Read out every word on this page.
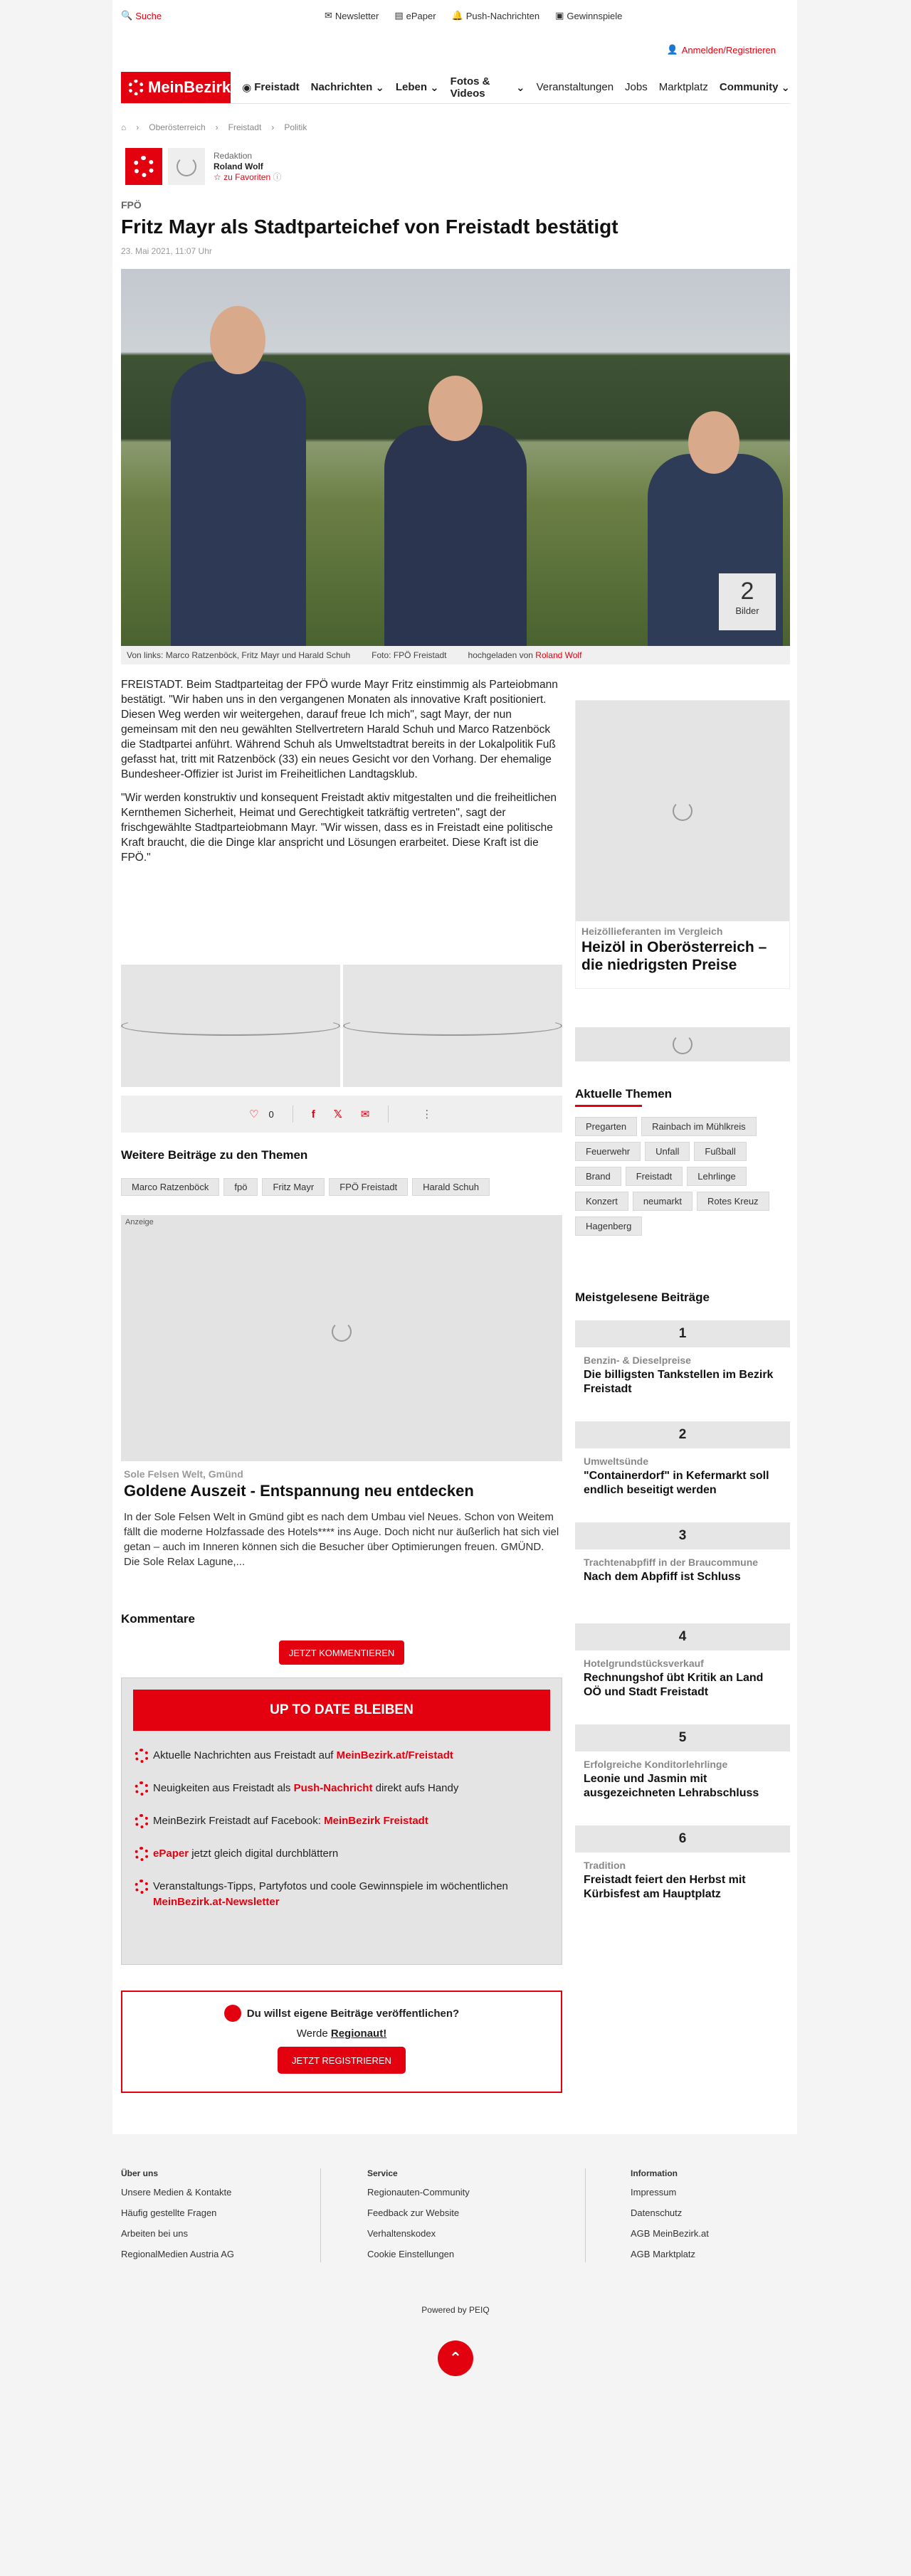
🔍 Suche	✉ Newsletter ▤ ePaper 🔔 Push-Nachrichten ▣ Gewinnspiele
👤 Anmelden/Registrieren
MeinBezirk ◉ Freistadt Nachrichten ⌄ Leben ⌄
Fotos & Videos	⌄ Veranstaltungen Jobs Marktplatz Community ⌄
⌂ › Oberösterreich › Freistadt › Politik
Redaktion
Roland Wolf
☆ zu Favoriten ⓘ
FPÖ
Fritz Mayr als Stadtparteichef von Freistadt bestätigt
23. Mai 2021, 11:07 Uhr
2
Bilder
Von links: Marco Ratzenböck, Fritz Mayr und Harald Schuh	Foto: FPÖ Freistadt	hochgeladen von Roland Wolf

FREISTADT. Beim Stadtparteitag der FPÖ wurde Mayr Fritz einstimmig als Parteiobmann bestätigt. "Wir haben uns in den vergangenen Monaten als innovative Kraft positioniert. Diesen Weg werden wir weitergehen, darauf freue Ich mich", sagt Mayr, der nun gemeinsam mit den neu gewählten Stellvertretern Harald Schuh und Marco Ratzenböck die Stadtpartei anführt. Während Schuh als Umweltstadtrat bereits in der Lokalpolitik Fuß gefasst hat, tritt mit Ratzenböck (33) ein neues Gesicht vor den Vorhang. Der ehemalige Bundesheer-Offizier ist Jurist im Freiheitlichen Landtagsklub.

"Wir werden konstruktiv und konsequent Freistadt aktiv mitgestalten und die freiheitlichen Kernthemen Sicherheit, Heimat und Gerechtigkeit tatkräftig vertreten", sagt der frischgewählte Stadtparteiobmann Mayr. "Wir wissen, dass es in Freistadt eine politische Kraft braucht, die die Dinge klar anspricht und Lösungen erarbeitet. Diese Kraft ist die FPÖ."

♡ 0	f 𝕏 ✉	⋮
Weitere Beiträge zu den Themen
Marco Ratzenböck	fpö	Fritz Mayr	FPÖ Freistadt	Harald Schuh
Anzeige
Sole Felsen Welt, Gmünd
Goldene Auszeit - Entspannung neu entdecken
In der Sole Felsen Welt in Gmünd gibt es nach dem Umbau viel Neues. Schon von Weitem fällt die moderne Holzfassade des Hotels**** ins Auge. Doch nicht nur äußerlich hat sich viel getan – auch im Inneren können sich die Besucher über Optimierungen freuen. GMÜND. Die Sole Relax Lagune,...
Kommentare
JETZT KOMMENTIEREN
UP TO DATE BLEIBEN
Aktuelle Nachrichten aus Freistadt auf MeinBezirk.at/Freistadt
Neuigkeiten aus Freistadt als Push-Nachricht direkt aufs Handy
MeinBezirk Freistadt auf Facebook: MeinBezirk Freistadt
ePaper jetzt gleich digital durchblättern
Veranstaltungs-Tipps, Partyfotos und coole Gewinnspiele im wöchentlichen MeinBezirk.at-Newsletter
Du willst eigene Beiträge veröffentlichen?
Werde Regionaut!
JETZT REGISTRIEREN
Heizöllieferanten im Vergleich
Heizöl in Oberösterreich – die niedrigsten Preise
Aktuelle Themen
Pregarten	Rainbach im Mühlkreis
Feuerwehr	Unfall	Fußball
Brand	Freistadt	Lehrlinge
Konzert	neumarkt	Rotes Kreuz
Hagenberg
Meistgelesene Beiträge
1
Benzin- & Dieselpreise
Die billigsten Tankstellen im Bezirk Freistadt
2
Umweltsünde
"Containerdorf" in Kefermarkt soll endlich beseitigt werden
3
Trachtenabpfiff in der Braucommune
Nach dem Abpfiff ist Schluss
4
Hotelgrundstücksverkauf
Rechnungshof übt Kritik an Land OÖ und Stadt Freistadt
5
Erfolgreiche Konditorlehrlinge
Leonie und Jasmin mit ausgezeichneten Lehrabschluss
6
Tradition
Freistadt feiert den Herbst mit Kürbisfest am Hauptplatz
Über uns
Unsere Medien & Kontakte
Häufig gestellte Fragen
Arbeiten bei uns
RegionalMedien Austria AG
Service
Regionauten-Community
Feedback zur Website
Verhaltenskodex
Cookie Einstellungen
Information
Impressum
Datenschutz
AGB MeinBezirk.at
AGB Marktplatz
Powered by PEIQ
⌃
